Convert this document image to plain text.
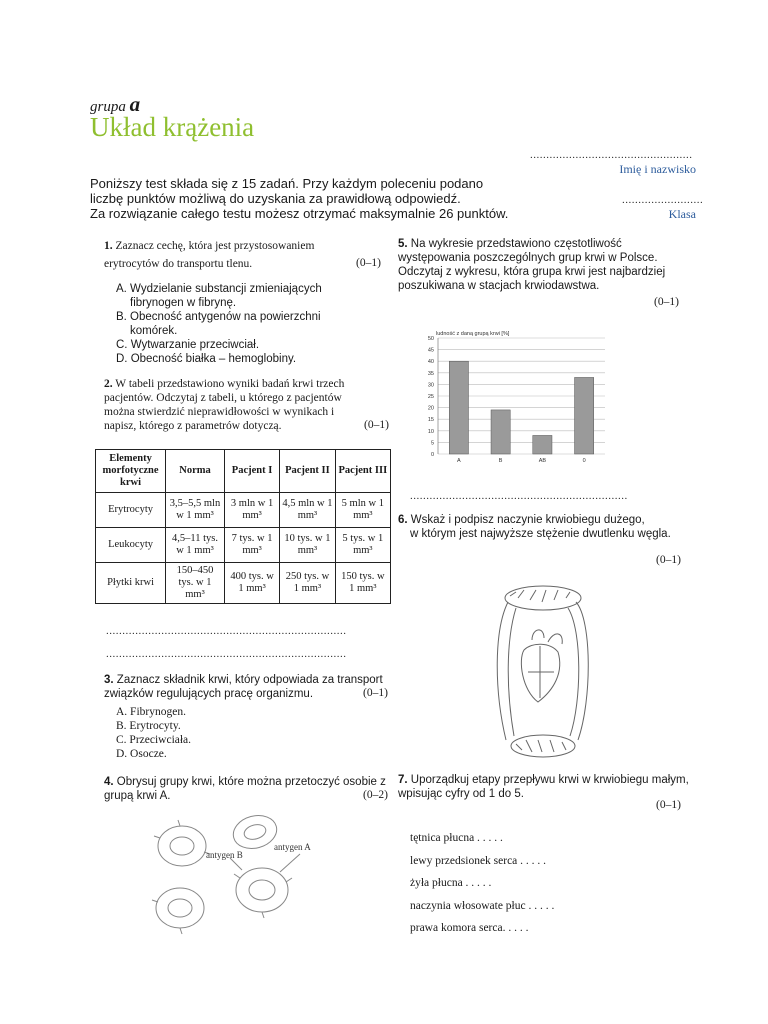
grupa a
Układ krążenia
..................................................
Imię i nazwisko
.........................
Klasa
Poniższy test składa się z 15 zadań. Przy każdym poleceniu podano
liczbę punktów możliwą do uzyskania za prawidłową odpowiedź.
Za rozwiązanie całego testu możesz otrzymać maksymalnie 26 punktów.
1. Zaznacz cechę, która jest przystosowaniem
erytrocytów do transportu tlenu.	(0–1)
A. Wydzielanie substancji zmieniających fibrynogen w fibrynę.
B. Obecność antygenów na powierzchni komórek.
C. Wytwarzanie przeciwciał.
D. Obecność białka – hemoglobiny.
2. W tabeli przedstawiono wyniki badań krwi trzech pacjentów. Odczytaj z tabeli, u którego z pacjentów można stwierdzić nieprawidłowości w wynikach i napisz, którego z parametrów dotyczą.	(0–1)
Elementy morfotyczne krwi	Norma	Pacjent I	Pacjent II	Pacjent III
Erytrocyty	3,5–5,5 mln w 1 mm³	3 mln w 1 mm³	4,5 mln w 1 mm³	5 mln w 1 mm³
Leukocyty	4,5–11 tys. w 1 mm³	7 tys. w 1 mm³	10 tys. w 1 mm³	5 tys. w 1 mm³
Płytki krwi	150–450 tys. w 1 mm³	400 tys. w 1 mm³	250 tys. w 1 mm³	150 tys. w 1 mm³
..........................................................................
..........................................................................
3. Zaznacz składnik krwi, który odpowiada za transport związków regulujących pracę organizmu.	(0–1)
A. Fibrynogen.
B. Erytrocyty.
C. Przeciwciała.
D. Osocze.
4. Obrysuj grupy krwi, które można przetoczyć osobie z grupą krwi A.	(0–2)
antygen B
antygen A
5. Na wykresie przedstawiono częstotliwość występowania poszczególnych grup krwi w Polsce. Odczytaj z wykresu, która grupa krwi jest najbardziej poszukiwana w stacjach krwiodawstwa.
(0–1)
ludność z daną grupą krwi [%]
A	B	AB	0
0
5
10
15
20
25
30
35
40
45
50
...................................................................
6. Wskaż i podpisz naczynie krwiobiegu dużego,
w którym jest najwyższe stężenie dwutlenku węgla.
(0–1)
7. Uporządkuj etapy przepływu krwi w krwiobiegu małym, wpisując cyfry od 1 do 5.
(0–1)
tętnica płucna . . . . .
lewy przedsionek serca . . . . .
żyła płucna . . . . .
naczynia włosowate płuc . . . . .
prawa komora serca. . . . .
